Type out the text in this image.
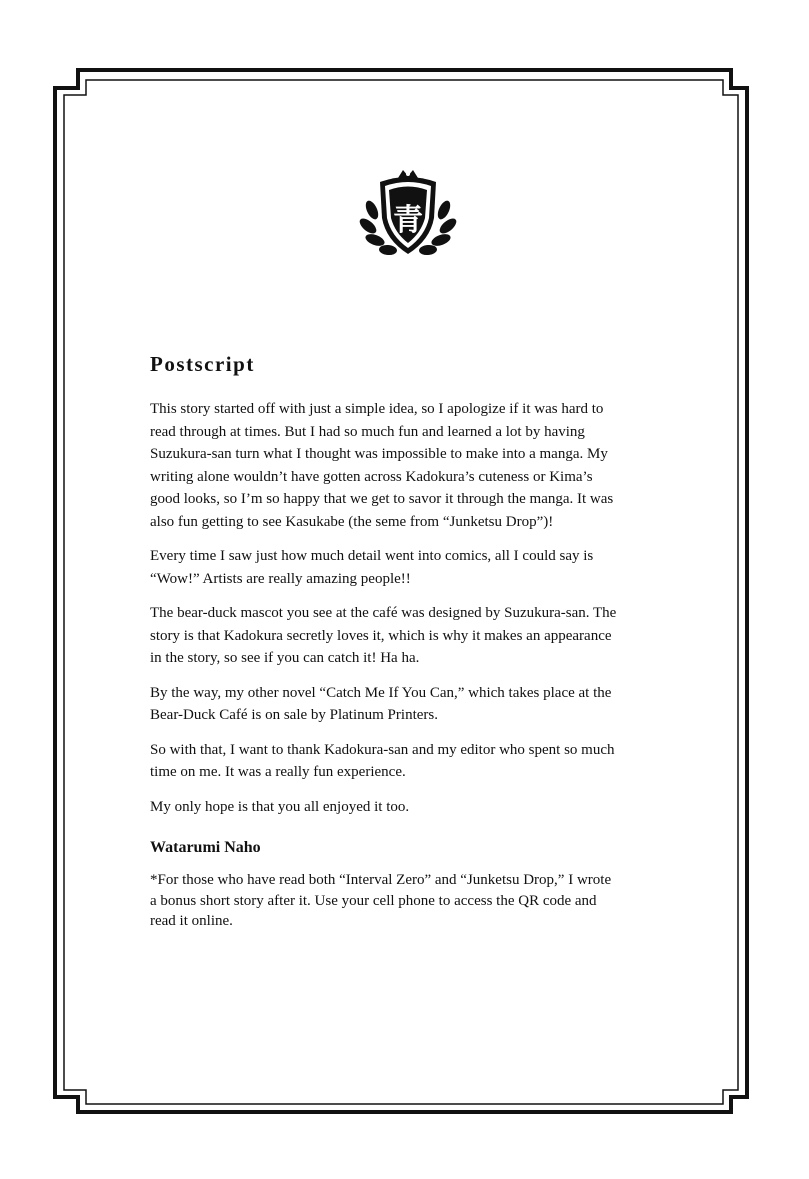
青
Postscript

This story started off with just a simple idea, so I apologize if it was hard to
read through at times. But I had so much fun and learned a lot by having
Suzukura-san turn what I thought was impossible to make into a manga. My
writing alone wouldn’t have gotten across Kadokura’s cuteness or Kima’s
good looks, so I’m so happy that we get to savor it through the manga. It was
also fun getting to see Kasukabe (the seme from “Junketsu Drop”)!

Every time I saw just how much detail went into comics, all I could say is
“Wow!” Artists are really amazing people!!

The bear-duck mascot you see at the café was designed by Suzukura-san. The
story is that Kadokura secretly loves it, which is why it makes an appearance
in the story, so see if you can catch it! Ha ha.

By the way, my other novel “Catch Me If You Can,” which takes place at the
Bear-Duck Café is on sale by Platinum Printers.

So with that, I want to thank Kadokura-san and my editor who spent so much
time on me. It was a really fun experience.

My only hope is that you all enjoyed it too.

Watarumi Naho

*For those who have read both “Interval Zero” and “Junketsu Drop,” I wrote
a bonus short story after it. Use your cell phone to access the QR code and
read it online.
